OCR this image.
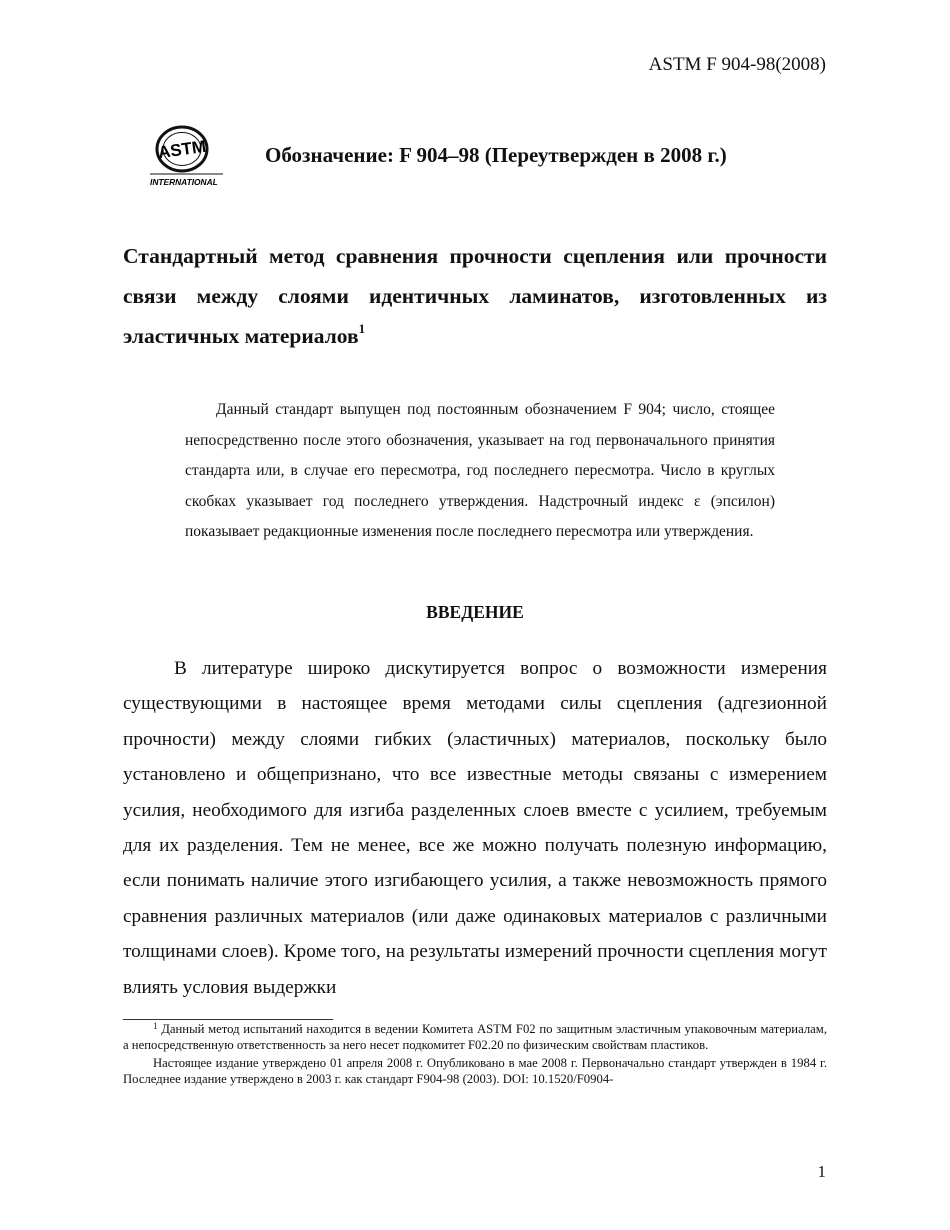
ASTM F 904-98(2008)
ASTM
INTERNATIONAL
Обозначение: F 904–98 (Переутвержден в 2008 г.)
Стандартный метод сравнения прочности сцепления или прочности связи между слоями идентичных ламинатов, изготовленных из эластичных материалов$^1$
Данный стандарт выпущен под постоянным обозначением F 904; число, стоящее непосредственно после этого обозначения, указывает на год первоначального принятия стандарта или, в случае его пересмотра, год последнего пересмотра. Число в круглых скобках указывает год последнего утверждения. Надстрочный индекс ε (эпсилон) показывает редакционные изменения после последнего пересмотра или утверждения.
ВВЕДЕНИЕ
В литературе широко дискутируется вопрос о возможности измерения существующими в настоящее время методами силы сцепления (адгезионной прочности) между слоями гибких (эластичных) материалов, поскольку было установлено и общепризнано, что все известные методы связаны с измерением усилия, необходимого для изгиба разделенных слоев вместе с усилием, требуемым для их разделения. Тем не менее, все же можно получать полезную информацию, если понимать наличие этого изгибающего усилия, а также невозможность прямого сравнения различных материалов (или даже одинаковых материалов с различными толщинами слоев). Кроме того, на результаты измерений прочности сцепления могут влиять условия выдержки

$^1$ Данный метод испытаний находится в ведении Комитета ASTM F02 по защитным эластичным упаковочным материалам, а непосредственную ответственность за него несет подкомитет F02.20 по физическим свойствам пластиков.

Настоящее издание утверждено 01 апреля 2008 г. Опубликовано в мае 2008 г. Первоначально стандарт утвержден в 1984 г. Последнее издание утверждено в 2003 г. как стандарт F904-98 (2003). DOI: 10.1520/F0904-

1
